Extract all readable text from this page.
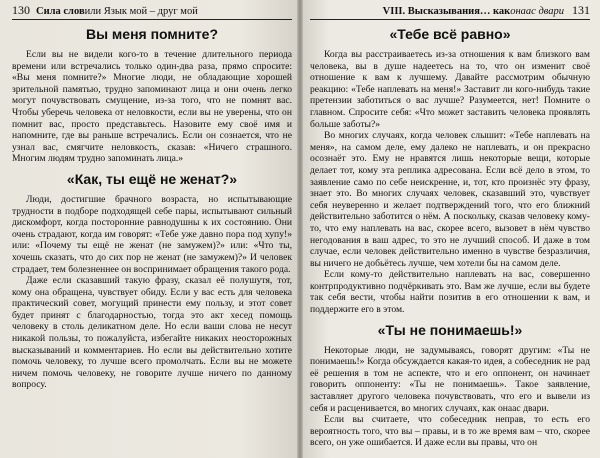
130 Сила слов или Язык мой – друг мой
Вы меня помните?

Если вы не видели кого-то в течение длительного периода времени или встречались только один-два раза, прямо спросите: «Вы меня помните?» Многие люди, не обладающие хорошей зрительной памятью, трудно запоминают лица и они очень легко могут почувствовать смущение, из-за того, что не помнят вас. Чтобы уберечь человека от неловкости, если вы не уверены, что он помнит вас, просто представьтесь. Назовите ему своё имя и напомните, где вы раньше встречались. Если он сознается, что не узнал вас, смягчите неловкость, сказав: «Ничего страшного. Многим людям трудно запоминать лица.»

«Как, ты ещё не женат?»

Люди, достигшие брачного возраста, но испытывающие трудности в подборе подходящей себе пары, испытывают сильный дискомфорт, когда посторонние равнодушны к их состоянию. Они очень страдают, когда им говорят: «Тебе уже давно пора под хупу!» или: «Почему ты ещё не женат (не замужем)?» или: «Что ты, хочешь сказать, что до сих пор не женат (не замужем)?» И человек страдает, тем болезненнее он воспринимает обращения такого рода.

Даже если сказавший такую фразу, сказал её полушутя, тот, кому она обращена, чувствует обиду. Если у вас есть для человека практический совет, могущий принести ему пользу, и этот совет будет принят с благодарностью, тогда это акт хесед помощь человеку в столь деликатном деле. Но если ваши слова не несут никакой пользы, то пожалуйста, избегайте никаких неосторожных высказываний и комментариев. Но если вы действительно хотите помочь человеку, то лучше всего промолчать. Если вы не можете ничем помочь человеку, не говорите лучше ничего по данному вопросу.

VIII. Высказывания… как онаас двари 131
«Тебе всё равно»

Когда вы расстраиваетесь из-за отношения к вам близкого вам человека, вы в душе надеетесь на то, что он изменит своё отношение к вам к лучшему. Давайте рассмотрим обычную реакцию: «Тебе наплевать на меня!» Заставит ли кого-нибудь такие претензии заботиться о вас лучше? Разумеется, нет! Помните о главном. Спросите себя: «Что может заставить человека проявлять больше заботы?»

Во многих случаях, когда человек слышит: «Тебе наплевать на меня», на самом деле, ему далеко не наплевать, и он прекрасно осознаёт это. Ему не нравятся лишь некоторые вещи, которые делает тот, кому эта реплика адресована. Если всё дело в этом, то заявление само по себе неискренне, и, тот, кто произнёс эту фразу, знает это. Во многих случаях человек, сказавший это, чувствует себя неуверенно и желает подтверждений того, что его ближний действительно заботится о нём. А поскольку, сказав человеку кому-то, что ему наплевать на вас, скорее всего, вызовет в нём чувство негодования в ваш адрес, то это не лучший способ. И даже в том случае, если человек действительно именно в чувстве безразличия, вы ничего не добьётесь лучше, чем хотели бы на самом деле.

Если кому-то действительно наплевать на вас, совершенно контрпродуктивно подчёркивать это. Вам же лучше, если вы будете так себя вести, чтобы найти позитив в его отношении к вам, и поддержите его в этом.

«Ты не понимаешь!»

Некоторые люди, не задумываясь, говорят другим: «Ты не понимаешь!» Когда обсуждается какая-то идея, а собеседник не рад её решения в том не аспекте, что и его оппонент, он начинает говорить оппоненту: «Ты не понимаешь». Такое заявление, заставляет другого человека почувствовать, что его и вывели из себя и расценивается, во многих случаях, как онаас двари.

Если вы считаете, что собеседник неправ, то есть его вероятность того, что вы – правы, и в то же время вам – что, скорее всего, он уже ошибается. И даже если вы правы, что он
